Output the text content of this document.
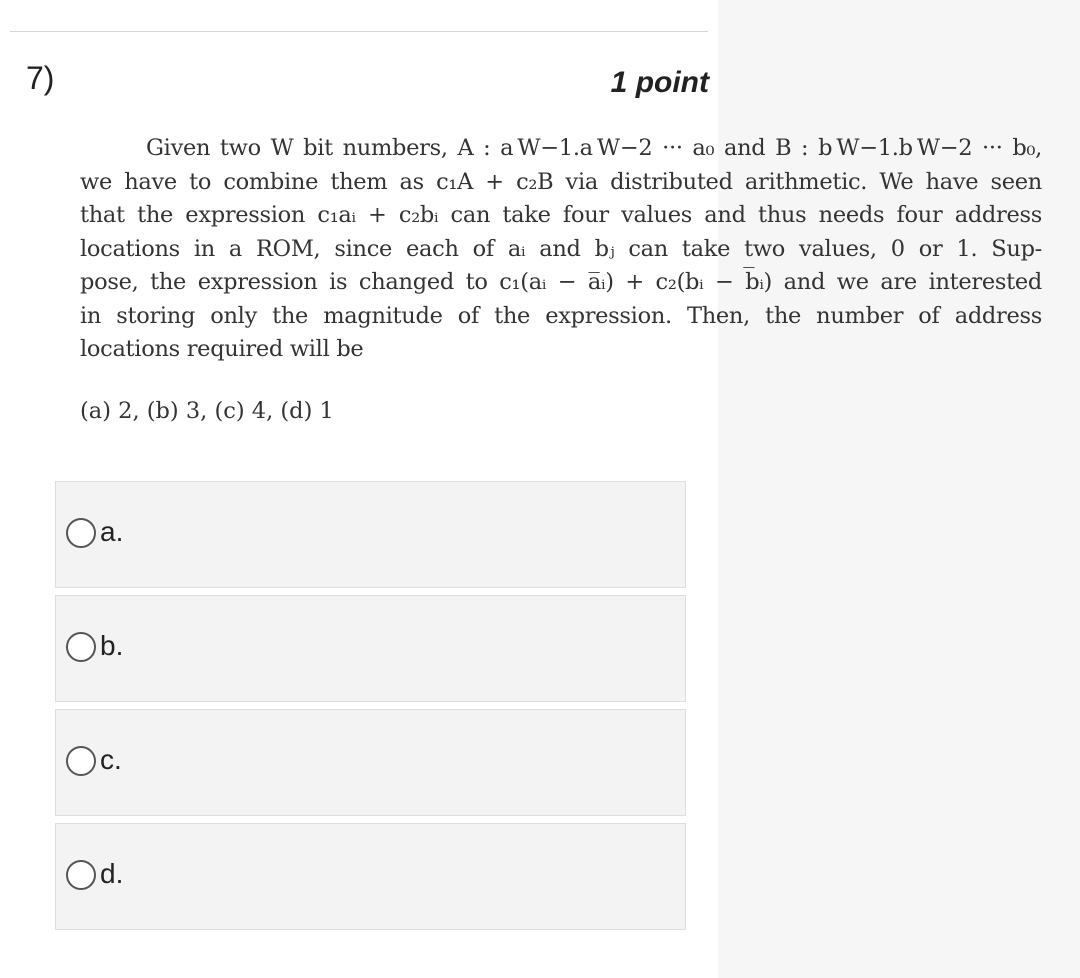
7)	1 point
Given two W bit numbers, A : a W−1.a W−2 ··· a₀ and B : b W−1.b W−2 ··· b₀,
we have to combine them as c₁A + c₂B via distributed arithmetic. We have seen
that the expression c₁aᵢ + c₂bᵢ can take four values and thus needs four address
locations in a ROM, since each of aᵢ and bⱼ can take two values, 0 or 1. Sup-
pose, the expression is changed to c₁(aᵢ − a̅ᵢ) + c₂(bᵢ − b̅ᵢ) and we are interested
in storing only the magnitude of the expression. Then, the number of address
locations required will be
(a) 2, (b) 3, (c) 4, (d) 1
a.
b.
c.
d.
